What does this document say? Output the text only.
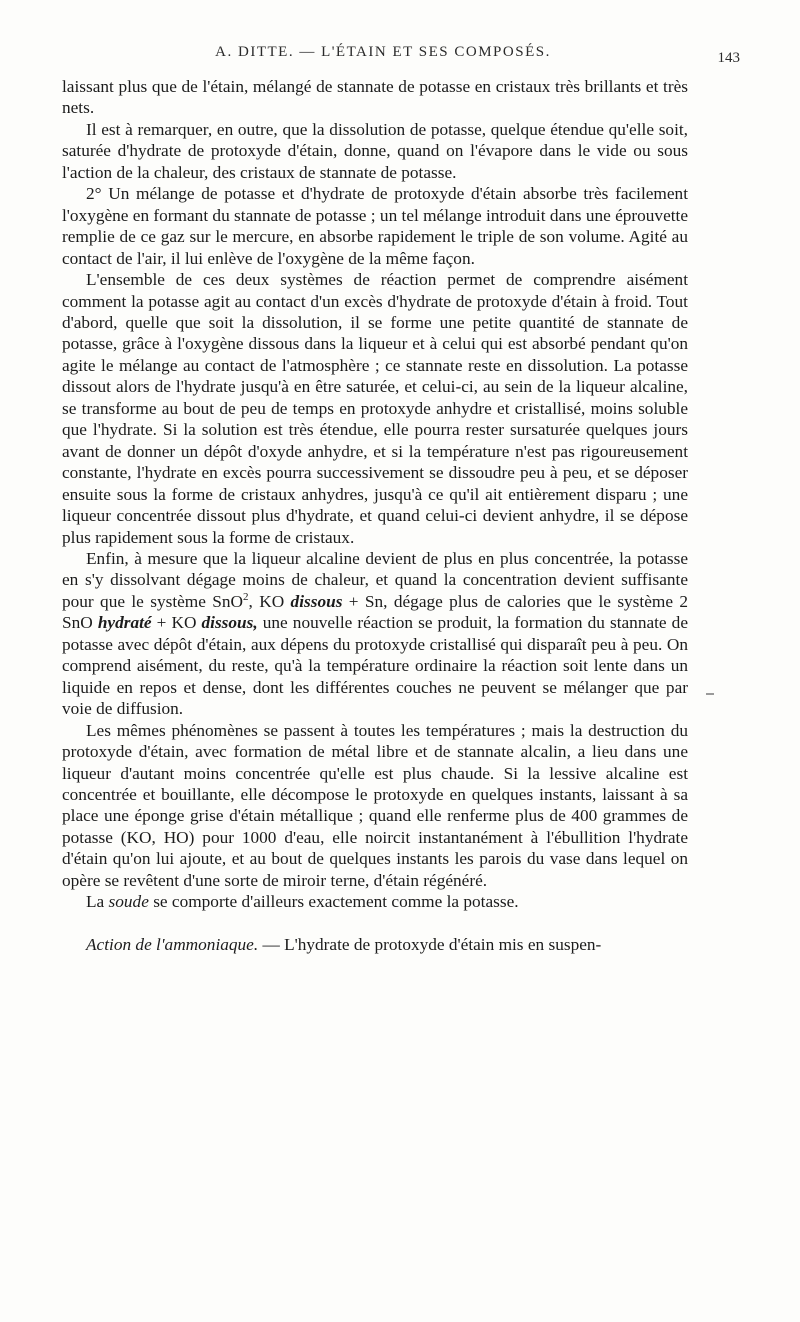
A. DITTE. — L'ÉTAIN ET SES COMPOSÉS.	143

laissant plus que de l'étain, mélangé de stannate de potasse en cristaux très brillants et très nets.

Il est à remarquer, en outre, que la dissolution de potasse, quelque étendue qu'elle soit, saturée d'hydrate de protoxyde d'étain, donne, quand on l'évapore dans le vide ou sous l'action de la chaleur, des cristaux de stannate de potasse.

2° Un mélange de potasse et d'hydrate de protoxyde d'étain absorbe très facilement l'oxygène en formant du stannate de potasse ; un tel mélange introduit dans une éprouvette remplie de ce gaz sur le mercure, en absorbe rapidement le triple de son volume. Agité au contact de l'air, il lui enlève de l'oxygène de la même façon.

L'ensemble de ces deux systèmes de réaction permet de comprendre aisément comment la potasse agit au contact d'un excès d'hydrate de protoxyde d'étain à froid. Tout d'abord, quelle que soit la dissolution, il se forme une petite quantité de stannate de potasse, grâce à l'oxygène dissous dans la liqueur et à celui qui est absorbé pendant qu'on agite le mélange au contact de l'atmosphère ; ce stannate reste en dissolution. La potasse dissout alors de l'hydrate jusqu'à en être saturée, et celui-ci, au sein de la liqueur alcaline, se transforme au bout de peu de temps en protoxyde anhydre et cristallisé, moins soluble que l'hydrate. Si la solution est très étendue, elle pourra rester sursaturée quelques jours avant de donner un dépôt d'oxyde anhydre, et si la température n'est pas rigoureusement constante, l'hydrate en excès pourra successivement se dissoudre peu à peu, et se déposer ensuite sous la forme de cristaux anhydres, jusqu'à ce qu'il ait entièrement disparu ; une liqueur concentrée dissout plus d'hydrate, et quand celui-ci devient anhydre, il se dépose plus rapidement sous la forme de cristaux.

Enfin, à mesure que la liqueur alcaline devient de plus en plus concentrée, la potasse en s'y dissolvant dégage moins de chaleur, et quand la concentration devient suffisante pour que le système SnO$^2$, KO dissous + Sn, dégage plus de calories que le système 2 SnO hydraté + KO dissous, une nouvelle réaction se produit, la formation du stannate de potasse avec dépôt d'étain, aux dépens du protoxyde cristallisé qui disparaît peu à peu. On comprend aisément, du reste, qu'à la température ordinaire la réaction soit lente dans un liquide en repos et dense, dont les différentes couches ne peuvent se mélanger que par voie de diffusion.

Les mêmes phénomènes se passent à toutes les températures ; mais la destruction du protoxyde d'étain, avec formation de métal libre et de stannate alcalin, a lieu dans une liqueur d'autant moins concentrée qu'elle est plus chaude. Si la lessive alcaline est concentrée et bouillante, elle décompose le protoxyde en quelques instants, laissant à sa place une éponge grise d'étain métallique ; quand elle renferme plus de 400 grammes de potasse (KO, HO) pour 1000 d'eau, elle noircit instantanément à l'ébullition l'hydrate d'étain qu'on lui ajoute, et au bout de quelques instants les parois du vase dans lequel on opère se revêtent d'une sorte de miroir terne, d'étain régénéré.

La soude se comporte d'ailleurs exactement comme la potasse.

Action de l'ammoniaque. — L'hydrate de protoxyde d'étain mis en suspen-
